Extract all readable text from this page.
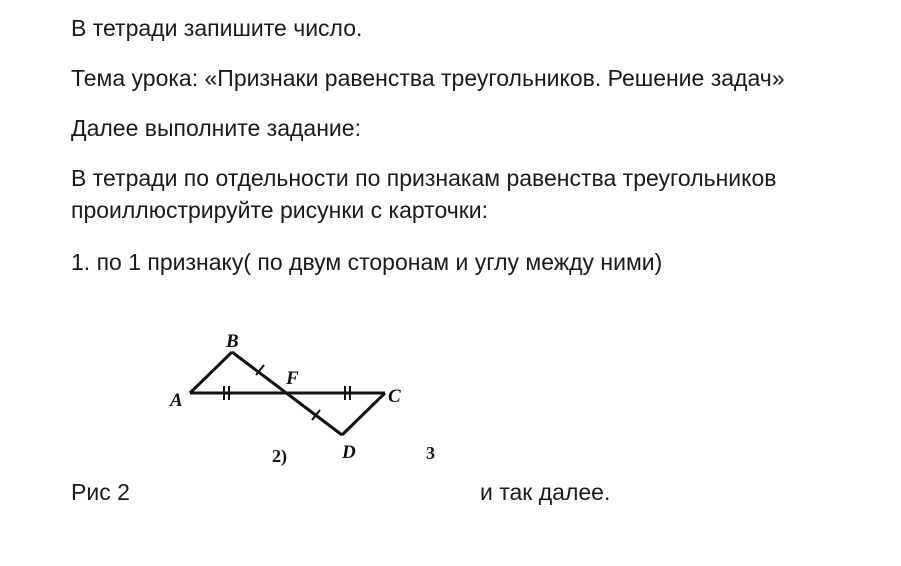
В тетради запишите число.

Тема урока: «Признаки равенства треугольников. Решение задач»

Далее выполните задание:

В тетради по отдельности по признакам равенства треугольников

проиллюстрируйте рисунки с карточки:

1. по 1 признаку( по двум сторонам и углу между ними)

A
B
F
C
D
2)	3

Рис 2	и так далее.
